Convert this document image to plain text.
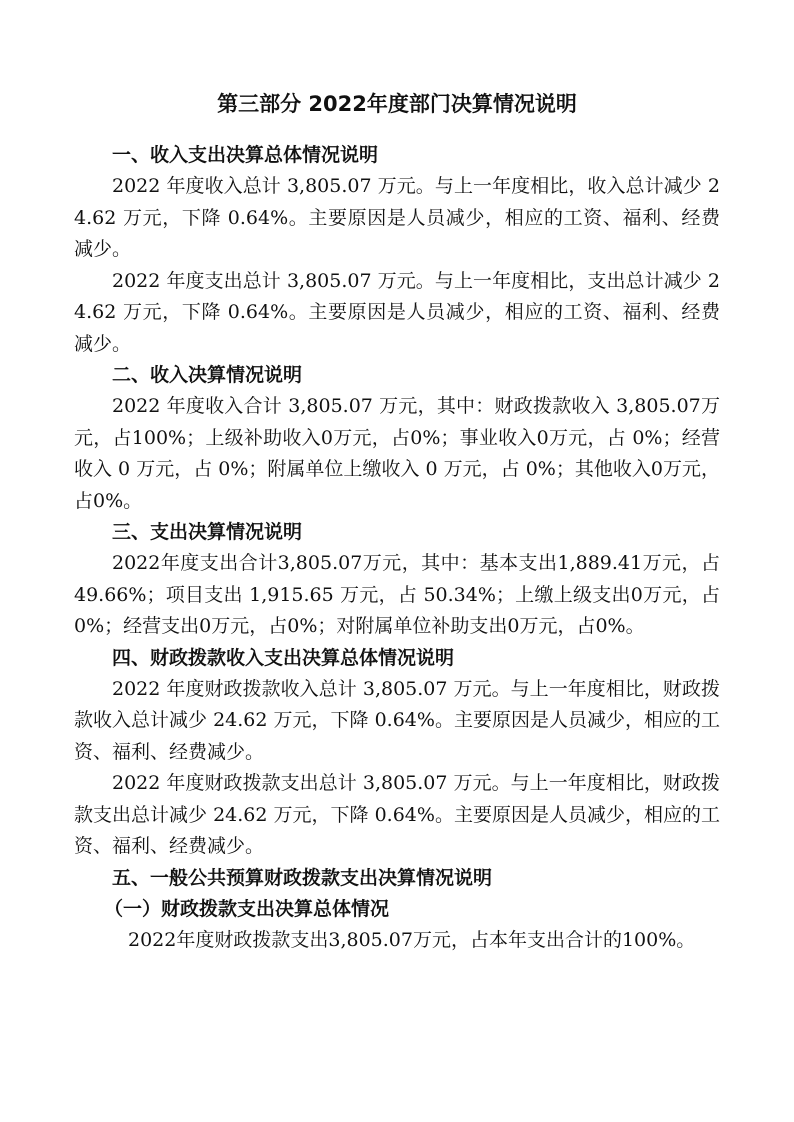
第三部分 2022年度部门决算情况说明
一、收入支出决算总体情况说明

2022 年度收入总计 3,805.07 万元。与上一年度相比，收入总计减少 24.62 万元，下降 0.64%。主要原因是人员减少，相应的工资、福利、经费减少。

2022 年度支出总计 3,805.07 万元。与上一年度相比，支出总计减少 24.62 万元，下降 0.64%。主要原因是人员减少，相应的工资、福利、经费减少。

二、收入决算情况说明

2022 年度收入合计 3,805.07 万元，其中：财政拨款收入 3,805.07万元，占100%；上级补助收入0万元，占0%；事业收入0万元，占 0%；经营收入 0 万元，占 0%；附属单位上缴收入 0 万元，占 0%；其他收入0万元，占0%。

三、支出决算情况说明

2022年度支出合计3,805.07万元，其中：基本支出1,889.41万元，占 49.66%；项目支出 1,915.65 万元，占 50.34%；上缴上级支出0万元，占0%；经营支出0万元，占0%；对附属单位补助支出0万元，占0%。

四、财政拨款收入支出决算总体情况说明

2022 年度财政拨款收入总计 3,805.07 万元。与上一年度相比，财政拨款收入总计减少 24.62 万元，下降 0.64%。主要原因是人员减少，相应的工资、福利、经费减少。

2022 年度财政拨款支出总计 3,805.07 万元。与上一年度相比，财政拨款支出总计减少 24.62 万元，下降 0.64%。主要原因是人员减少，相应的工资、福利、经费减少。

五、一般公共预算财政拨款支出决算情况说明
（一）财政拨款支出决算总体情况

2022年度财政拨款支出3,805.07万元，占本年支出合计的100%。
